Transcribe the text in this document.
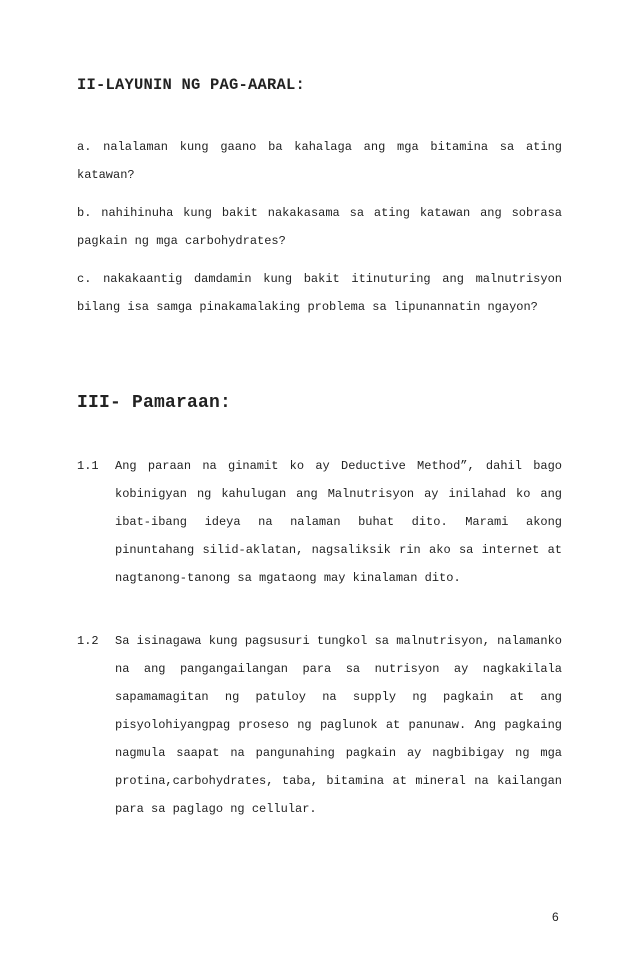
II-LAYUNIN NG PAG-AARAL:
a. nalalaman kung gaano ba kahalaga ang mga bitamina sa ating
katawan?
b. nahihinuha kung bakit nakakasama sa ating katawan ang sobrasa
pagkain ng mga carbohydrates?
c. nakakaantig damdamin kung bakit itinuturing ang malnutrisyon
bilang isa samga pinakamalaking problema sa lipunannatin ngayon?
III- Pamaraan:
1.1 Ang paraan na ginamit ko ay Deductive Method”, dahil bago kobinigyan ng kahulugan ang Malnutrisyon ay inilahad ko ang ibat-ibang ideya na nalaman buhat dito. Marami akong pinuntahang silid-aklatan, nagsaliksik rin ako sa internet at nagtanong-tanong sa mgataong may kinalaman dito.
1.2 Sa isinagawa kung pagsusuri tungkol sa malnutrisyon, nalamanko na ang pangangailangan para sa nutrisyon ay nagkakilala sapamamagitan ng patuloy na supply ng pagkain at ang pisyolohiyangpag proseso ng paglunok at panunaw. Ang pagkaing nagmula saapat na pangunahing pagkain ay nagbibigay ng mga protina,carbohydrates, taba, bitamina at mineral na kailangan para sa paglago ng cellular.
6
